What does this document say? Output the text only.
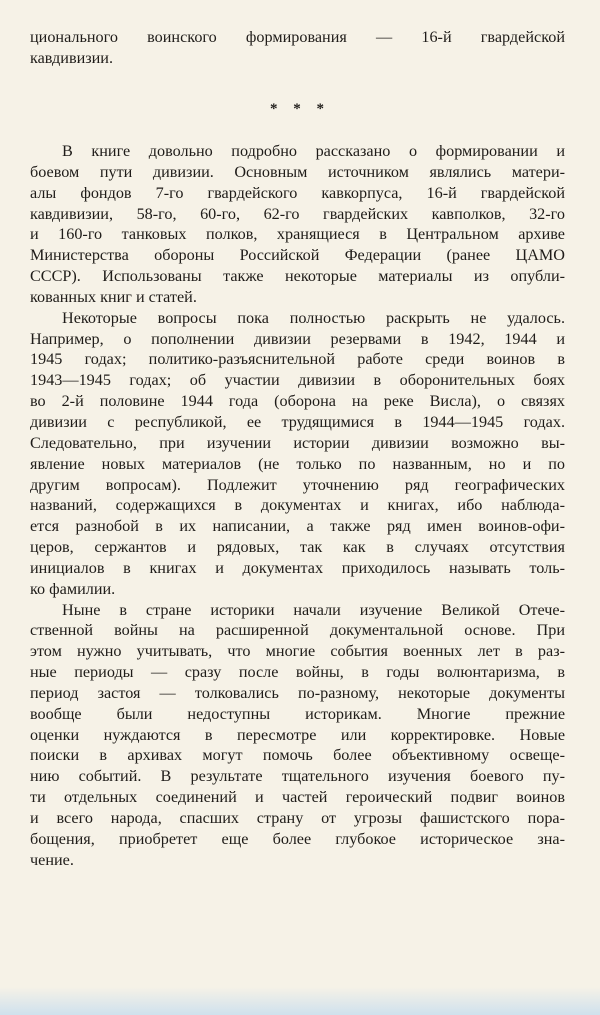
ционального воинского формирования — 16-й гвардейской
кавдивизии.
* * *
В книге довольно подробно рассказано о формировании и
боевом пути дивизии. Основным источником являлись матери-
алы фондов 7-го гвардейского кавкорпуса, 16-й гвардейской
кавдивизии, 58-го, 60-го, 62-го гвардейских кавполков, 32-го
и 160-го танковых полков, хранящиеся в Центральном архиве
Министерства обороны Российской Федерации (ранее ЦАМО
СССР). Использованы также некоторые материалы из опубли-
кованных книг и статей.
Некоторые вопросы пока полностью раскрыть не удалось.
Например, о пополнении дивизии резервами в 1942, 1944 и
1945 годах; политико-разъяснительной работе среди воинов в
1943—1945 годах; об участии дивизии в оборонительных боях
во 2-й половине 1944 года (оборона на реке Висла), о связях
дивизии с республикой, ее трудящимися в 1944—1945 годах.
Следовательно, при изучении истории дивизии возможно вы-
явление новых материалов (не только по названным, но и по
другим вопросам). Подлежит уточнению ряд географических
названий, содержащихся в документах и книгах, ибо наблюда-
ется разнобой в их написании, а также ряд имен воинов-офи-
церов, сержантов и рядовых, так как в случаях отсутствия
инициалов в книгах и документах приходилось называть толь-
ко фамилии.
Ныне в стране историки начали изучение Великой Отече-
ственной войны на расширенной документальной основе. При
этом нужно учитывать, что многие события военных лет в раз-
ные периоды — сразу после войны, в годы волюнтаризма, в
период застоя — толковались по-разному, некоторые документы
вообще были недоступны историкам. Многие прежние
оценки нуждаются в пересмотре или корректировке. Новые
поиски в архивах могут помочь более объективному освеще-
нию событий. В результате тщательного изучения боевого пу-
ти отдельных соединений и частей героический подвиг воинов
и всего народа, спасших страну от угрозы фашистского пора-
бощения, приобретет еще более глубокое историческое зна-
чение.
